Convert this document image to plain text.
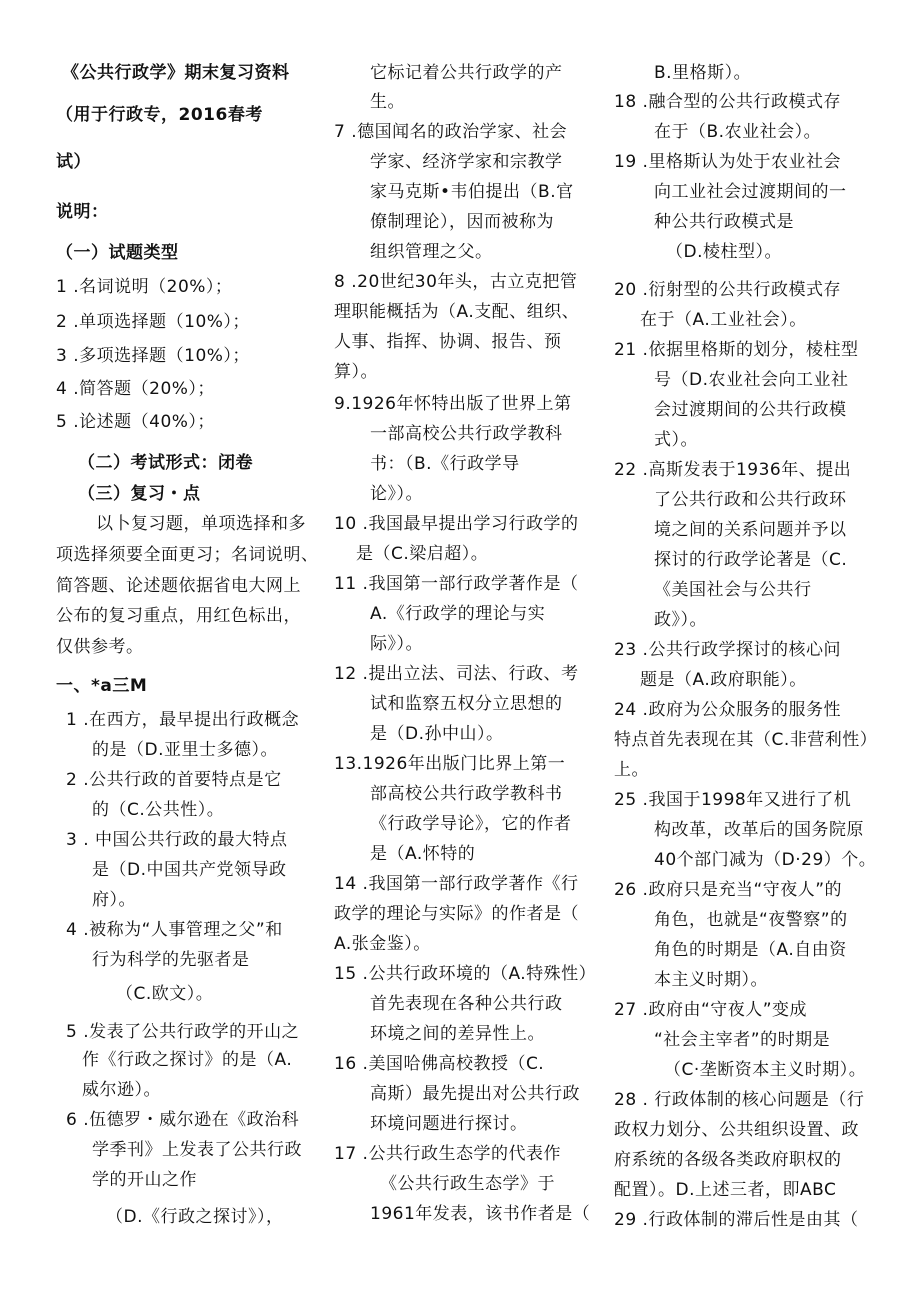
《公共行政学》期末复习资料
（用于行政专，2016春考
试）
说明：
（一）试题类型
1 .名词说明（20%）；
2 .单项选择题（10%）；
3 .多项选择题（10%）；
4 .简答题（20%）；
5 .论述题（40%）；
（二）考试形式：闭卷
（三）复习・点
以卜复习题，单项选择和多
项选择须要全面更习；名词说明、
简答题、论述题依据省电大网上
公布的复习重点，用红色标出，
仅供参考。
一、*a三M
1 .在西方，最早提出行政概念
的是（D.亚里士多德）。
2 .公共行政的首要特点是它
的（C.公共性）。
3 . 中国公共行政的最大特点
是（D.中国共产党领导政
府）。
4 .被称为“人事管理之父”和
行为科学的先驱者是
（C.欧文）。
5 .发表了公共行政学的开山之
作《行政之探讨》的是（A.
威尔逊）。
6 .伍德罗・威尔逊在《政治科
学季刊》上发表了公共行政
学的开山之作
（D.《行政之探讨》），
它标记着公共行政学的产
生。
7 .德国闻名的政治学家、社会
学家、经济学家和宗教学
家马克斯•韦伯提出（B.官
僚制理论），因而被称为
组织管理之父。
8 .20世纪30年头，古立克把管
理职能概括为（A.支配、组织、
人事、指挥、协调、报告、预
算）。
9.1926年怀特出版了世界上第
一部高校公共行政学教科
书：（B.《行政学导
论》）。
10 .我国最早提出学习行政学的
是（C.梁启超）。
11 .我国第一部行政学著作是（
A.《行政学的理论与实
际》）。
12 .提出立法、司法、行政、考
试和监察五权分立思想的
是（D.孙中山）。
13.1926年出版门比界上第一
部高校公共行政学教科书
《行政学导论》，它的作者
是（A.怀特的
14 .我国第一部行政学著作《行
政学的理论与实际》的作者是（
A.张金鉴）。
15 .公共行政环境的（A.特殊性）
首先表现在各种公共行政
环境之间的差异性上。
16 .美国哈佛高校教授（C.
高斯）最先提出对公共行政
环境问题进行探讨。
17 .公共行政生态学的代表作
《公共行政生态学》于
1961年发表，该书作者是（
B.里格斯）。
18 .融合型的公共行政模式存
在于（B.农业社会）。
19 .里格斯认为处于农业社会
向工业社会过渡期间的一
种公共行政模式是
（D.棱柱型）。
20 .衍射型的公共行政模式存
在于（A.工业社会）。
21 .依据里格斯的划分，棱柱型
号（D.农业社会向工业社
会过渡期间的公共行政模
式）。
22 .高斯发表于1936年、提出
了公共行政和公共行政环
境之间的关系问题并予以
探讨的行政学论著是（C.
《美国社会与公共行
政》）。
23 .公共行政学探讨的核心问
题是（A.政府职能）。
24 .政府为公众服务的服务性
特点首先表现在其（C.非营利性）
上。
25 .我国于1998年又进行了机
构改革，改革后的国务院原
40个部门减为（D·29）个。
26 .政府只是充当“守夜人”的
角色，也就是“夜警察”的
角色的时期是（A.自由资
本主义时期）。
27 .政府由“守夜人”变成
“社会主宰者”的时期是
（C·垄断资本主义时期）。
28 . 行政体制的核心问题是（行
政权力划分、公共组织设置、政
府系统的各级各类政府职权的
配置）。D.上述三者，即ABC
29 .行政体制的滞后性是由其（
